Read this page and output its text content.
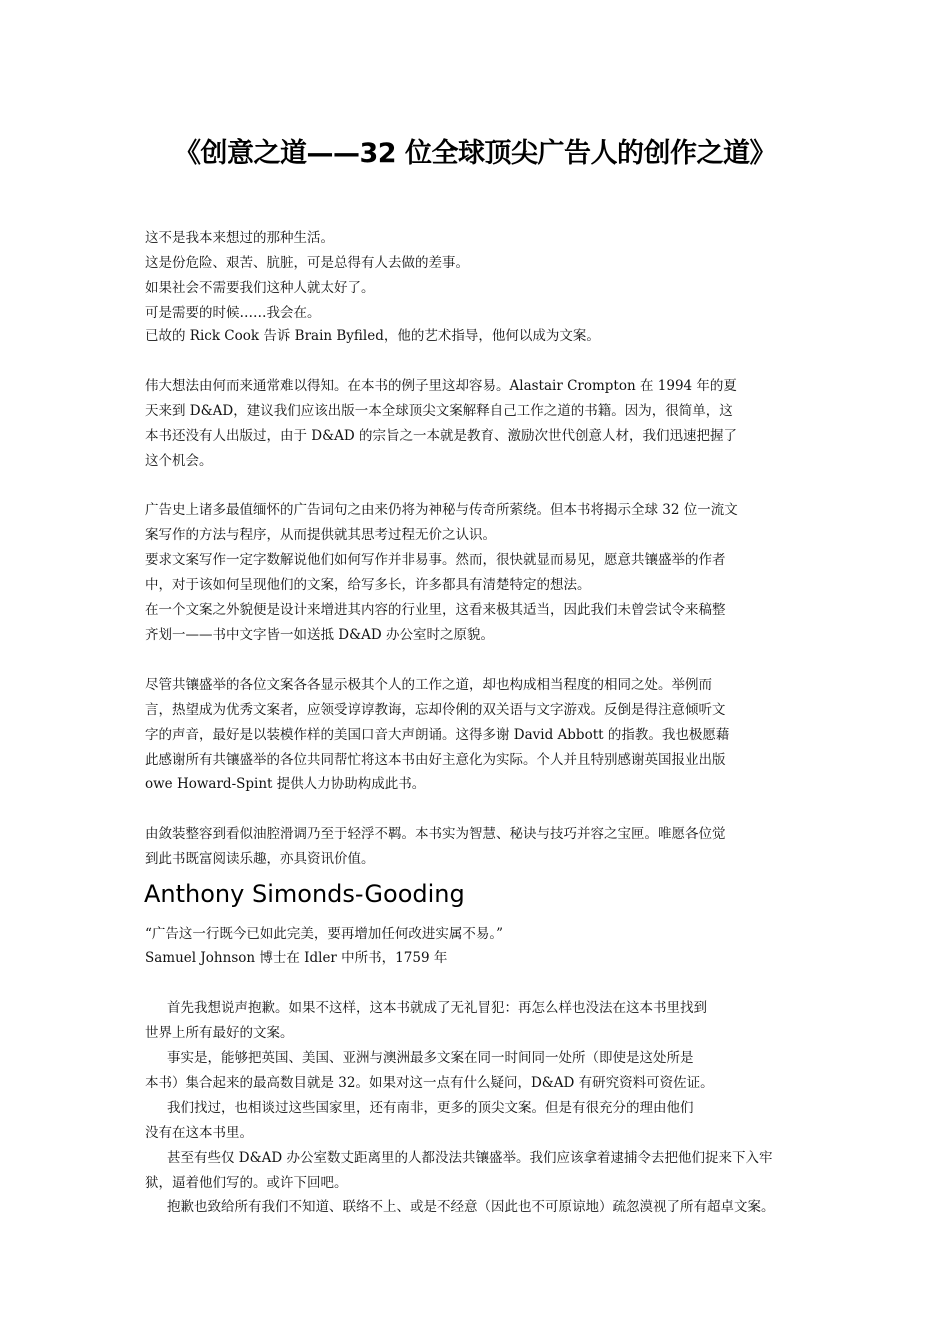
《创意之道——32 位全球顶尖广告人的创作之道》
这不是我本来想过的那种生活。
这是份危险、艰苦、肮脏，可是总得有人去做的差事。
如果社会不需要我们这种人就太好了。
可是需要的时候……我会在。
已故的 Rick Cook 告诉 Brain Byfiled，他的艺术指导，他何以成为文案。
伟大想法由何而来通常难以得知。在本书的例子里这却容易。Alastair Crompton 在 1994 年的夏
天来到 D&AD，建议我们应该出版一本全球顶尖文案解释自己工作之道的书籍。因为，很简单，这
本书还没有人出版过，由于 D&AD 的宗旨之一本就是教育、激励次世代创意人材，我们迅速把握了
这个机会。
广告史上诸多最值缅怀的广告词句之由来仍将为神秘与传奇所萦绕。但本书将揭示全球 32 位一流文
案写作的方法与程序，从而提供就其思考过程无价之认识。
要求文案写作一定字数解说他们如何写作并非易事。然而，很快就显而易见，愿意共镶盛举的作者
中，对于该如何呈现他们的文案，给写多长，许多都具有清楚特定的想法。
在一个文案之外貌便是设计来增进其内容的行业里，这看来极其适当，因此我们未曾尝试令来稿整
齐划一——书中文字皆一如送抵 D&AD 办公室时之原貌。
尽管共镶盛举的各位文案各各显示极其个人的工作之道，却也构成相当程度的相同之处。举例而
言，热望成为优秀文案者，应领受谆谆教诲，忘却伶俐的双关语与文字游戏。反倒是得注意倾听文
字的声音，最好是以装模作样的美国口音大声朗诵。这得多谢 David Abbott 的指教。我也极愿藉
此感谢所有共镶盛举的各位共同帮忙将这本书由好主意化为实际。个人并且特别感谢英国报业出版
owe Howard-Spint 提供人力协助构成此书。
由敛装整容到看似油腔滑调乃至于轻浮不羁。本书实为智慧、秘诀与技巧并容之宝匣。唯愿各位觉
到此书既富阅读乐趣，亦具资讯价值。
Anthony Simonds-Gooding
“广告这一行既今已如此完美，要再增加任何改进实属不易。”
Samuel Johnson 博士在 Idler 中所书，1759 年
首先我想说声抱歉。如果不这样，这本书就成了无礼冒犯：再怎么样也没法在这本书里找到
世界上所有最好的文案。
事实是，能够把英国、美国、亚洲与澳洲最多文案在同一时间同一处所（即使是这处所是
本书）集合起来的最高数目就是 32。如果对这一点有什么疑问，D&AD 有研究资料可资佐证。
我们找过，也相谈过这些国家里，还有南非，更多的顶尖文案。但是有很充分的理由他们
没有在这本书里。
甚至有些仅 D&AD 办公室数丈距离里的人都没法共镶盛举。我们应该拿着逮捕令去把他们捉来下入牢
狱，逼着他们写的。或许下回吧。
抱歉也致给所有我们不知道、联络不上、或是不经意（因此也不可原谅地）疏忽漠视了所有超卓文案。
